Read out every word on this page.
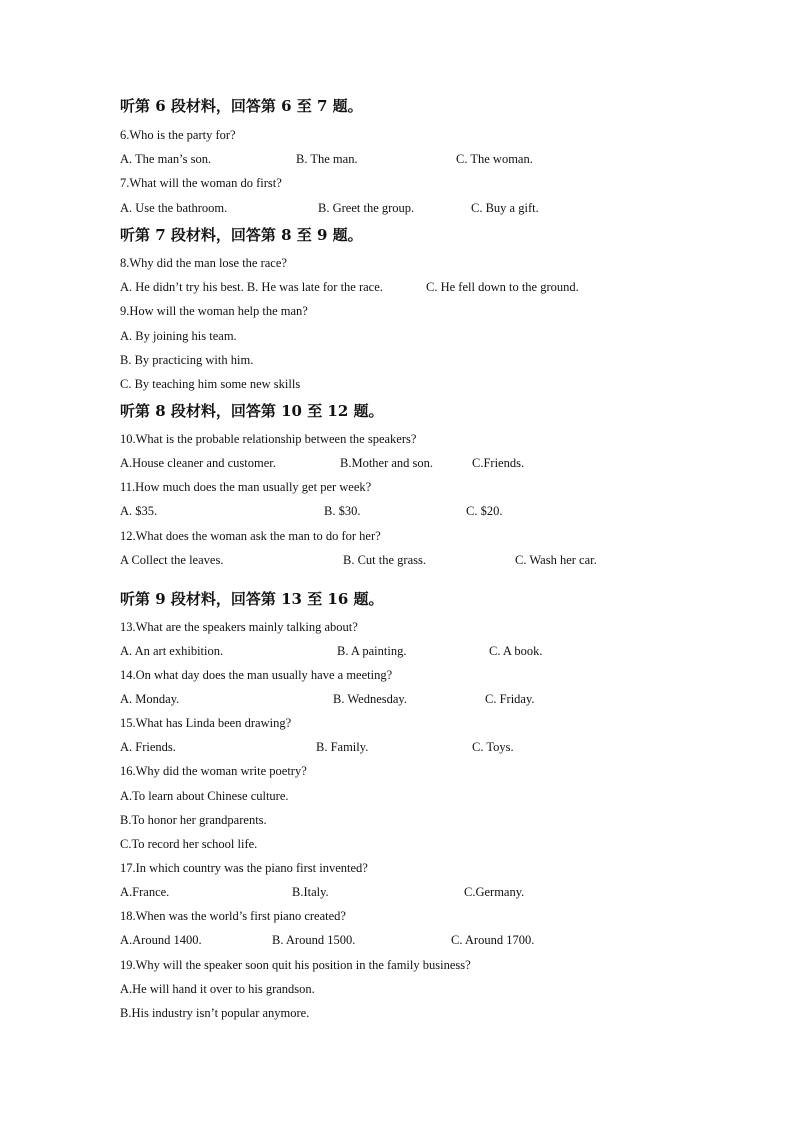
听第 6 段材料，回答第 6 至 7 题。
6.Who is the party for?
A. The man’s son.	B. The man.	C. The woman.
7.What will the woman do first?
A. Use the bathroom.	B. Greet the group.	C. Buy a gift.
听第 7 段材料，回答第 8 至 9 题。
8.Why did the man lose the race?
A. He didn’t try his best. B. He was late for the race.	C. He fell down to the ground.
9.How will the woman help the man?
A. By joining his team.
B. By practicing with him.
C. By teaching him some new skills
听第 8 段材料，回答第 10 至 12 题。
10.What is the probable relationship between the speakers?
A.House cleaner and customer.	B.Mother and son.	C.Friends.
11.How much does the man usually get per week?
A. $35.	B. $30.	C. $20.
12.What does the woman ask the man to do for her?
A Collect the leaves.	B. Cut the grass.	C. Wash her car.
听第 9 段材料，回答第 13 至 16 题。
13.What are the speakers mainly talking about?
A. An art exhibition.	B. A painting.	C. A book.
14.On what day does the man usually have a meeting?
A. Monday.	B. Wednesday.	C. Friday.
15.What has Linda been drawing?
A. Friends.	B. Family.	C. Toys.
16.Why did the woman write poetry?
A.To learn about Chinese culture.
B.To honor her grandparents.
C.To record her school life.
17.In which country was the piano first invented?
A.France.	B.Italy.	C.Germany.
18.When was the world’s first piano created?
A.Around 1400.	B. Around 1500.	C. Around 1700.
19.Why will the speaker soon quit his position in the family business?
A.He will hand it over to his grandson.
B.His industry isn’t popular anymore.
